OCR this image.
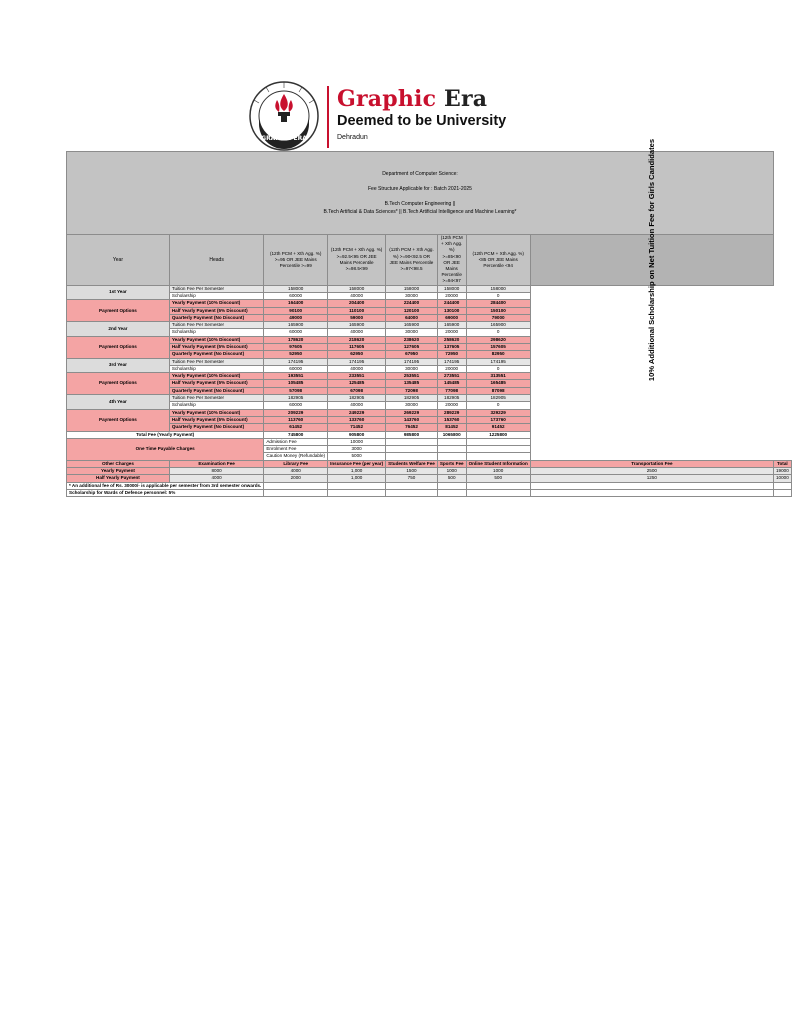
GRAPHIC ERA
Graphic Era
Deemed to be University
Dehradun
Department of Computer Science:
Fee Structure Applicable for : Batch 2021-2025
B.Tech Computer Engineering ||
B.Tech Artificial & Data Sciences* || B.Tech Artificial Intelligence and Machine Learning*								

Year	Heads	(12th PCM + Xth Agg. %) >=95 OR JEE Mains Percentile >=99	(12th PCM + Xth Agg. %) >=92.5<95 OR JEE Mains Percentile >=98.5<99	(12th PCM + Xth Agg. %) >=90<92.5 OR JEE Mains Percentile >=97<98.5	(12th PCM + Xth Agg. %) >=85<90 OR JEE Mains Percentile >=94<97	(12th PCM + Xth Agg. %) <85 OR JEE Mains Percentile <94	10% Additional Scholarship on Net Tuition Fee for Girls Candidates	
1st Year	Tuition Fee Per Semester	158000	158000	158000	158000	158000		
	Scholarship	60000	40000	30000	20000	0		
Payment Options	Yearly Payment (10% Discount)	164400	204400	224400	244400	284400		
	Half Yearly Payment (5% Discount)	90100	110100	120100	130100	150100		
	Quarterly Payment (No Discount)	49000	59000	64000	69000	79000		
2nd Year	Tuition Fee Per Semester	165900	165900	165900	165900	165900		
	Scholarship	60000	40000	30000	20000	0		
Payment Options	Yearly Payment (10% Discount)	178620	218620	238620	258620	298620		
	Half Yearly Payment (5% Discount)	97605	117605	127605	137605	157605		
	Quarterly Payment (No Discount)	52950	62950	67950	72950	82950		
3rd Year	Tuition Fee Per Semester	174195	174195	174195	174195	174195		
	Scholarship	60000	40000	30000	20000	0		
Payment Options	Yearly Payment (10% Discount)	193551	233551	253551	273551	313551		
	Half Yearly Payment (5% Discount)	105485	125485	135485	145485	165485		
	Quarterly Payment (No Discount)	57098	67098	72098	77098	87098		
4th Year	Tuition Fee Per Semester	182905	182905	182905	182905	182905		
	Scholarship	60000	40000	30000	20000	0		
Payment Options	Yearly Payment (10% Discount)	209229	249229	269229	289229	329229		
	Half Yearly Payment (5% Discount)	113760	133760	143760	153760	173760		
	Quarterly Payment (No Discount)	61452	71452	76452	81452	91452		
Total Fee (Yearly Payment)		745800	905800	985800	1065800	1225800		
One Time Payable Charges		Admission Fee	10000					
		Enrolment Fee	3000					
		Caution Money (Refundable)	5000					
Other Charges	Examination Fee	Library Fee	Insurance Fee (per year)	Students Welfare Fee	Sports Fee	Online Student Information	Transportation Fee	Total
Yearly Payment	8000	4000	1,000	1500	1000	1000	2500	19000
Half Yearly Payment	4000	2000	1,000	750	500	500	1250	10000
* An additional fee of Rs. 30000/- is applicable per semester from 3rd semester onwards.								
Scholarship for Wards of Defence personnel: 5%								
